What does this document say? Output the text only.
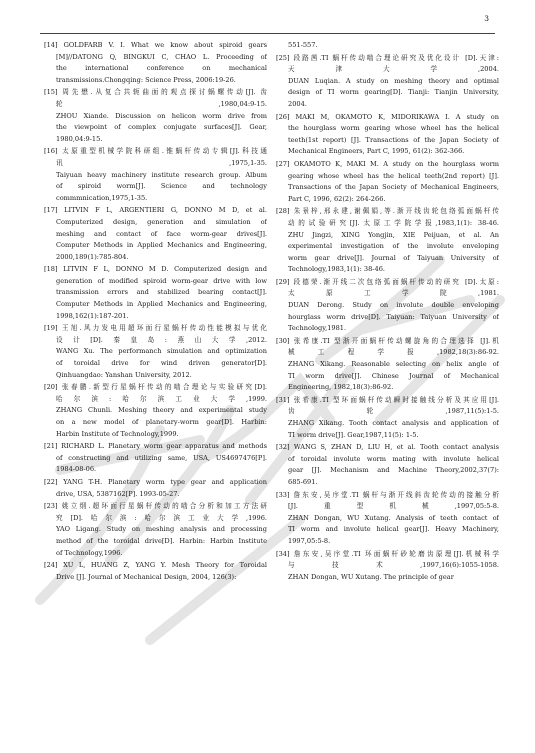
3
[14] GOLDFARB V. I. What we know about spiroid gears
[M]//DATONG Q, BINGKUI C, CHAO L. Proceeding of
the international conference on mechanical
transmissions.Chongqing: Science Press, 2006:19-26.
[15] 周先懋.从复合共轭曲面的观点探讨蜗螺传动[J]. 齿
轮,1980,04:9-15.
ZHOU Xiande. Discussion on helicon worm drive from
the viewpoint of complex conjugate surfaces[J]. Gear,
1980,04:9-15.
[16] 太原重型机械学院科研组.锥蜗杆传动专辑[J].科技通
讯,1975,1-35.
Taiyuan heavy machinery institute research group. Album
of spiroid worm[J]. Science and technology
commmnication,1975,1-35.
[17] LITVIN F L, ARGENTIERI G, DONNO M D, et al.
Computerized design, generation and simulation of
meshing and contact of face worm-gear drives[J].
Computer Methods in Applied Mechanics and Engineering,
2000,189(1):785-804.
[18] LITVIN F L, DONNO M D. Computerized design and
generation of modified spiroid worm-gear drive with low
transmission errors and stabilized bearing contact[J].
Computer Methods in Applied Mechanics and Engineering,
1998,162(1):187-201.
[19] 王旭.风力发电用超环面行星蜗杆传动性能模拟与优化
设计[D].秦皇岛:燕山大学,2012.
WANG Xu. The performanch simulation and optimization
of toroidal drive for wind driven generator[D].
Qinhuangdao: Yanshan University, 2012.
[20] 张春鹏.新型行星蜗杆传动的啮合理论与实验研究[D].
哈尔滨:哈尔滨工业大学,1999.
ZHANG Chunli. Meshing theory and experimental study
on a new model of planetary-worm gear[D]. Harbin:
Harbin Institute of Technology,1999.
[21] RICHARD L. Planetary worm gear apparatus and methods
of constructing and utilizing same, USA, US4697476[P].
1984-08-06.
[22] YANG T-H. Planetary worm type gear and application
drive, USA, 5387162[P]. 1993-05-27.
[23] 姚立纲.超环面行星蜗杆传动的啮合分析和加工方法研
究[D].哈尔滨:哈尔滨工业大学,1996.
YAO Ligang. Study on meshing analysis and processing
method of the toroidal drive[D]. Harbin: Harbin Institute
of Technology,1996.
[24] XU L, HUANG Z, YANG Y. Mesh Theory for Toroidal
Drive [J]. Journal of Mechanical Design, 2004, 126(3):
551-557.
[25] 段路茜.TI 蜗杆传动啮合理论研究及优化设计 [D].天津:
天津大学,2004.
DUAN Luqian. A study on meshing theory and optimal
design of TI worm gearing[D]. Tianji: Tianjin University,
2004.
[26] MAKI M, OKAMOTO K, MIDORIKAWA I. A study on
the hourglass worm gearing whose wheel has the helical
teeth(1st report) [J]. Transactions of the Japan Society of
Mechanical Engineers, Part C, 1995, 61(2): 362-366.
[27] OKAMOTO K, MAKI M. A study on the hourglass worm
gearing whose wheel has the helical teeth(2nd report) [J].
Transactions of the Japan Society of Mechanical Engineers,
Part C, 1996, 62(2): 264-266.
[28] 朱景梓,邢永建,谢佩娟,等.渐开线齿轮包络弧面蜗杆传
动的试验研究[J].太原工学院学报,1983,1(1): 38-46.
ZHU Jingzi, XING Yongjin, XIE Peijuan, et al. An
experimental investigation of the involute enveloping
worm gear drive[J]. Journal of Taiyuan University of
Technology,1983,1(1): 38-46.
[29] 段德荣.渐开线二次包络弧面蜗杆传动的研究 [D].太原:
太原工学院,1981.
DUAN Derong. Study on involute double enveloping
hourglass worm drive[D]. Taiyuan: Taiyuan University of
Technology,1981.
[30] 张希康.TI 型渐开面蜗杆传动螺旋角的合理选择 [J].机
械工程学报,1982,18(3):86-92.
ZHANG Xikang. Reasonable selecting on helix angle of
TI worm drive[J]. Chinese Journal of Mechanical
Engineering, 1982,18(3):86-92.
[31] 张希康.TI 型环面蜗杆传动瞬时接触线分析及其应用[J].
齿轮,1987,11(5):1-5.
ZHANG Xikang. Tooth contact analysis and application of
TI worm drive[J]. Gear,1987,11(5): 1-5.
[32] WANG S, ZHAN D, LIU H, et al. Tooth contact analysis
of toroidal involute worm mating with involute helical
gear [J]. Mechanism and Machine Theory,2002,37(7):
685-691.
[33] 詹东安,吴序堂.TI 蜗杆与渐开线斜齿轮传动的接触分析
[J].重型机械,1997,05:5-8.
ZHAN Dongan, WU Xutang. Analysis of teeth contact of
TI worm and involute helical gear[J]. Heavy Machinery,
1997,05:5-8.
[34] 詹东安,吴序堂.TI 环面蜗杆砂轮磨齿原理[J].机械科学
与技术,1997,16(6):1055-1058.
ZHAN Dongan, WU Xutang. The principle of gear
